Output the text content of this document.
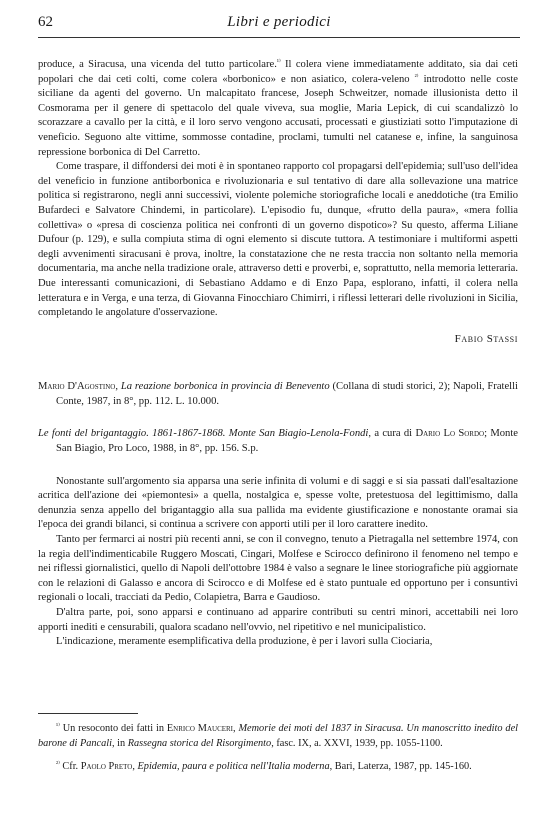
62	Libri e periodici

produce, a Siracusa, una vicenda del tutto particolare.$^{^{1)}}$ Il colera viene immediatamente additato, sia dai ceti popolari che dai ceti colti, come colera «borbonico» e non asiatico, colera-veleno $^{^{2)}}$ introdotto nelle coste siciliane da agenti del governo. Un malcapitato francese, Joseph Schweitzer, nomade illusionista detto il Cosmorama per il genere di spettacolo del quale viveva, sua moglie, Maria Lepick, di cui scandalizzò lo scorazzare a cavallo per la città, e il loro servo vengono accusati, processati e giustiziati sotto l'imputazione di veneficio. Seguono alte vittime, sommosse contadine, proclami, tumulti nel catanese e, infine, la sanguinosa repressione borbonica di Del Carretto.

Come traspare, il diffondersi dei moti è in spontaneo rapporto col propagarsi dell'epidemia; sull'uso dell'idea del veneficio in funzione antiborbonica e rivoluzionaria e sul tentativo di dare alla sollevazione una matrice politica si registrarono, negli anni successivi, violente polemiche storiografiche locali e aneddotiche (tra Emilio Bufardeci e Salvatore Chindemi, in particolare). L'episodio fu, dunque, «frutto della paura», «mera follia collettiva» o «presa di coscienza politica nei confronti di un governo dispotico»? Su questo, afferma Liliane Dufour (p. 129), e sulla compiuta stima di ogni elemento si discute tuttora. A testimoniare i multiformi aspetti degli avvenimenti siracusani è prova, inoltre, la constatazione che ne resta traccia non soltanto nella memoria documentaria, ma anche nella tradizione orale, attraverso detti e proverbi, e, soprattutto, nella memoria letteraria. Due interessanti comunicazioni, di Sebastiano Addamo e di Enzo Papa, esplorano, infatti, il colera nella letteratura e in Verga, e una terza, di Giovanna Finocchiaro Chimirri, i riflessi letterari delle rivoluzioni in Sicilia, completando le angolature d'osservazione.

Fabio Stassi

Mario D'Agostino, La reazione borbonica in provincia di Benevento (Collana di studi storici, 2); Napoli, Fratelli Conte, 1987, in 8°, pp. 112. L. 10.000.

Le fonti del brigantaggio. 1861-1867-1868. Monte San Biagio-Lenola-Fondi, a cura di Dario Lo Sordo; Monte San Biagio, Pro Loco, 1988, in 8°, pp. 156. S.p.

Nonostante sull'argomento sia apparsa una serie infinita di volumi e di saggi e si sia passati dall'esaltazione acritica dell'azione dei «piemontesi» a quella, nostalgica e, spesse volte, pretestuosa del legittimismo, dalla denunzia senza appello del brigantaggio alla sua pallida ma evidente giustificazione e nonostante oramai sia l'epoca dei grandi bilanci, si continua a scrivere con apporti utili per il loro carattere inedito.

Tanto per fermarci ai nostri più recenti anni, se con il convegno, tenuto a Pietragalla nel settembre 1974, con la regia dell'indimenticabile Ruggero Moscati, Cingari, Molfese e Scirocco definirono il fenomeno nel tempo e nei riflessi giornalistici, quello di Napoli dell'ottobre 1984 è valso a segnare le linee storiografiche più aggiornate con le relazioni di Galasso e ancora di Scirocco e di Molfese ed è stato puntuale ed opportuno per i consuntivi regionali o locali, tracciati da Pedio, Colapietra, Barra e Gaudioso.

D'altra parte, poi, sono apparsi e continuano ad apparire contributi su centri minori, accettabili nei loro apporti inediti e censurabili, qualora scadano nell'ovvio, nel ripetitivo e nel municipalistico.

L'indicazione, meramente esemplificativa della produzione, è per i lavori sulla Ciociaria,

$^{^{1)}}$ Un resoconto dei fatti in Enrico Mauceri, Memorie dei moti del 1837 in Siracusa. Un manoscritto inedito del barone di Pancali, in Rassegna storica del Risorgimento, fasc. IX, a. XXVI, 1939, pp. 1055-1100.

$^{^{2)}}$ Cfr. Paolo Preto, Epidemia, paura e politica nell'Italia moderna, Bari, Laterza, 1987, pp. 145-160.
